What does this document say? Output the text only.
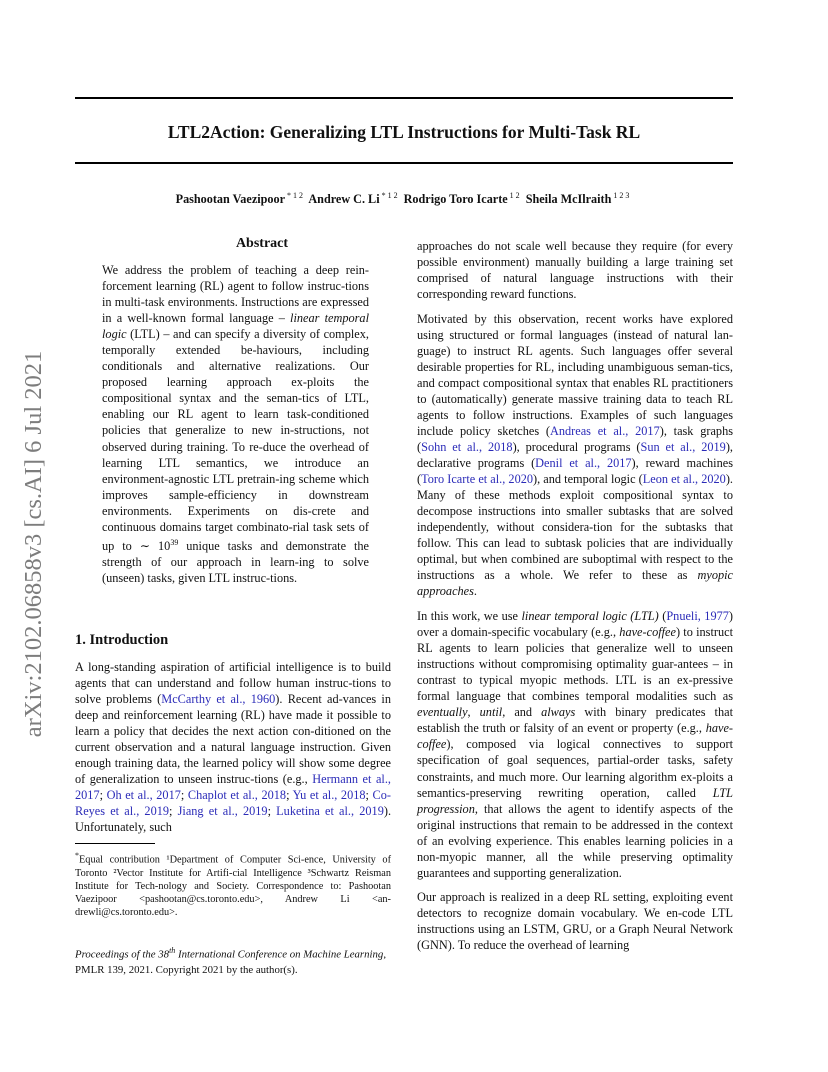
arXiv:2102.06858v3 [cs.AI] 6 Jul 2021
LTL2Action: Generalizing LTL Instructions for Multi-Task RL
Pashootan Vaezipoor $^{* 1 2}$ Andrew C. Li $^{* 1 2}$ Rodrigo Toro Icarte $^{1 2}$ Sheila McIlraith $^{1 2 3}$
Abstract

We address the problem of teaching a deep rein-forcement learning (RL) agent to follow instruc-tions in multi-task environments. Instructions are expressed in a well-known formal language – linear temporal logic (LTL) – and can specify a diversity of complex, temporally extended be-haviours, including conditionals and alternative realizations. Our proposed learning approach ex-ploits the compositional syntax and the seman-tics of LTL, enabling our RL agent to learn task-conditioned policies that generalize to new in-structions, not observed during training. To re-duce the overhead of learning LTL semantics, we introduce an environment-agnostic LTL pretrain-ing scheme which improves sample-efficiency in downstream environments. Experiments on dis-crete and continuous domains target combinato-rial task sets of up to ∼ $10^{39}$ unique tasks and demonstrate the strength of our approach in learn-ing to solve (unseen) tasks, given LTL instruc-tions.

1. Introduction

A long-standing aspiration of artificial intelligence is to build agents that can understand and follow human instruc-tions to solve problems (McCarthy et al., 1960). Recent ad-vances in deep and reinforcement learning (RL) have made it possible to learn a policy that decides the next action con-ditioned on the current observation and a natural language instruction. Given enough training data, the learned policy will show some degree of generalization to unseen instruc-tions (e.g., Hermann et al., 2017; Oh et al., 2017; Chaplot et al., 2018; Yu et al., 2018; Co-Reyes et al., 2019; Jiang et al., 2019; Luketina et al., 2019). Unfortunately, such

*Equal contribution ¹Department of Computer Sci-ence, University of Toronto ²Vector Institute for Artifi-cial Intelligence ³Schwartz Reisman Institute for Tech-nology and Society. Correspondence to: Pashootan Vaezipoor <pashootan@cs.toronto.edu>, Andrew Li <an-drewli@cs.toronto.edu>.

Proceedings of the 38th International Conference on Machine Learning, PMLR 139, 2021. Copyright 2021 by the author(s).

approaches do not scale well because they require (for every possible environment) manually building a large training set comprised of natural language instructions with their corresponding reward functions.

Motivated by this observation, recent works have explored using structured or formal languages (instead of natural lan-guage) to instruct RL agents. Such languages offer several desirable properties for RL, including unambiguous seman-tics, and compact compositional syntax that enables RL practitioners to (automatically) generate massive training data to teach RL agents to follow instructions. Examples of such languages include policy sketches (Andreas et al., 2017), task graphs (Sohn et al., 2018), procedural programs (Sun et al., 2019), declarative programs (Denil et al., 2017), reward machines (Toro Icarte et al., 2020), and temporal logic (Leon et al., 2020). Many of these methods exploit compositional syntax to decompose instructions into smaller subtasks that are solved independently, without considera-tion for the subtasks that follow. This can lead to subtask policies that are individually optimal, but when combined are suboptimal with respect to the instructions as a whole. We refer to these as myopic approaches.

In this work, we use linear temporal logic (LTL) (Pnueli, 1977) over a domain-specific vocabulary (e.g., have-coffee) to instruct RL agents to learn policies that generalize well to unseen instructions without compromising optimality guar-antees – in contrast to typical myopic methods. LTL is an ex-pressive formal language that combines temporal modalities such as eventually, until, and always with binary predicates that establish the truth or falsity of an event or property (e.g., have-coffee), composed via logical connectives to support specification of goal sequences, partial-order tasks, safety constraints, and much more. Our learning algorithm ex-ploits a semantics-preserving rewriting operation, called LTL progression, that allows the agent to identify aspects of the original instructions that remain to be addressed in the context of an evolving experience. This enables learning policies in a non-myopic manner, all the while preserving optimality guarantees and supporting generalization.

Our approach is realized in a deep RL setting, exploiting event detectors to recognize domain vocabulary. We en-code LTL instructions using an LSTM, GRU, or a Graph Neural Network (GNN). To reduce the overhead of learning
